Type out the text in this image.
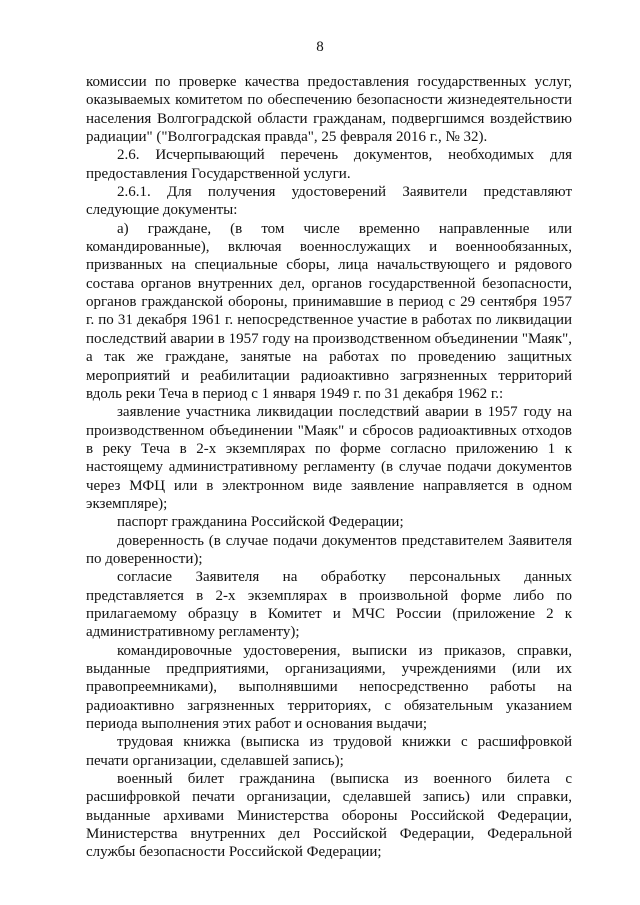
8

комиссии по проверке качества предоставления государственных услуг, оказываемых комитетом по обеспечению безопасности жизнедеятельности населения Волгоградской области гражданам, подвергшимся воздействию радиации" ("Волгоградская правда", 25 февраля 2016 г., № 32).

2.6. Исчерпывающий перечень документов, необходимых для предоставления Государственной услуги.

2.6.1. Для получения удостоверений Заявители представляют следующие документы:

а) граждане, (в том числе временно направленные или командированные), включая военнослужащих и военнообязанных, призванных на специальные сборы, лица начальствующего и рядового состава органов внутренних дел, органов государственной безопасности, органов гражданской обороны, принимавшие в период с 29 сентября 1957 г. по 31 декабря 1961 г. непосредственное участие в работах по ликвидации последствий аварии в 1957 году на производственном объединении "Маяк", а так же граждане, занятые на работах по проведению защитных мероприятий и реабилитации радиоактивно загрязненных территорий вдоль реки Теча в период с 1 января 1949 г. по 31 декабря 1962 г.:

заявление участника ликвидации последствий аварии в 1957 году на производственном объединении "Маяк" и сбросов радиоактивных отходов в реку Теча в 2-х экземплярах по форме согласно приложению 1 к настоящему административному регламенту (в случае подачи документов через МФЦ или в электронном виде заявление направляется в одном экземпляре);

паспорт гражданина Российской Федерации;

доверенность (в случае подачи документов представителем Заявителя по доверенности);

согласие Заявителя на обработку персональных данных представляется в 2-х экземплярах в произвольной форме либо по прилагаемому образцу в Комитет и МЧС России (приложение 2 к административному регламенту);

командировочные удостоверения, выписки из приказов, справки, выданные предприятиями, организациями, учреждениями (или их правопреемниками), выполнявшими непосредственно работы на радиоактивно загрязненных территориях, с обязательным указанием периода выполнения этих работ и основания выдачи;

трудовая книжка (выписка из трудовой книжки с расшифровкой печати организации, сделавшей запись);

военный билет гражданина (выписка из военного билета с расшифровкой печати организации, сделавшей запись) или справки, выданные архивами Министерства обороны Российской Федерации, Министерства внутренних дел Российской Федерации, Федеральной службы безопасности Российской Федерации;
